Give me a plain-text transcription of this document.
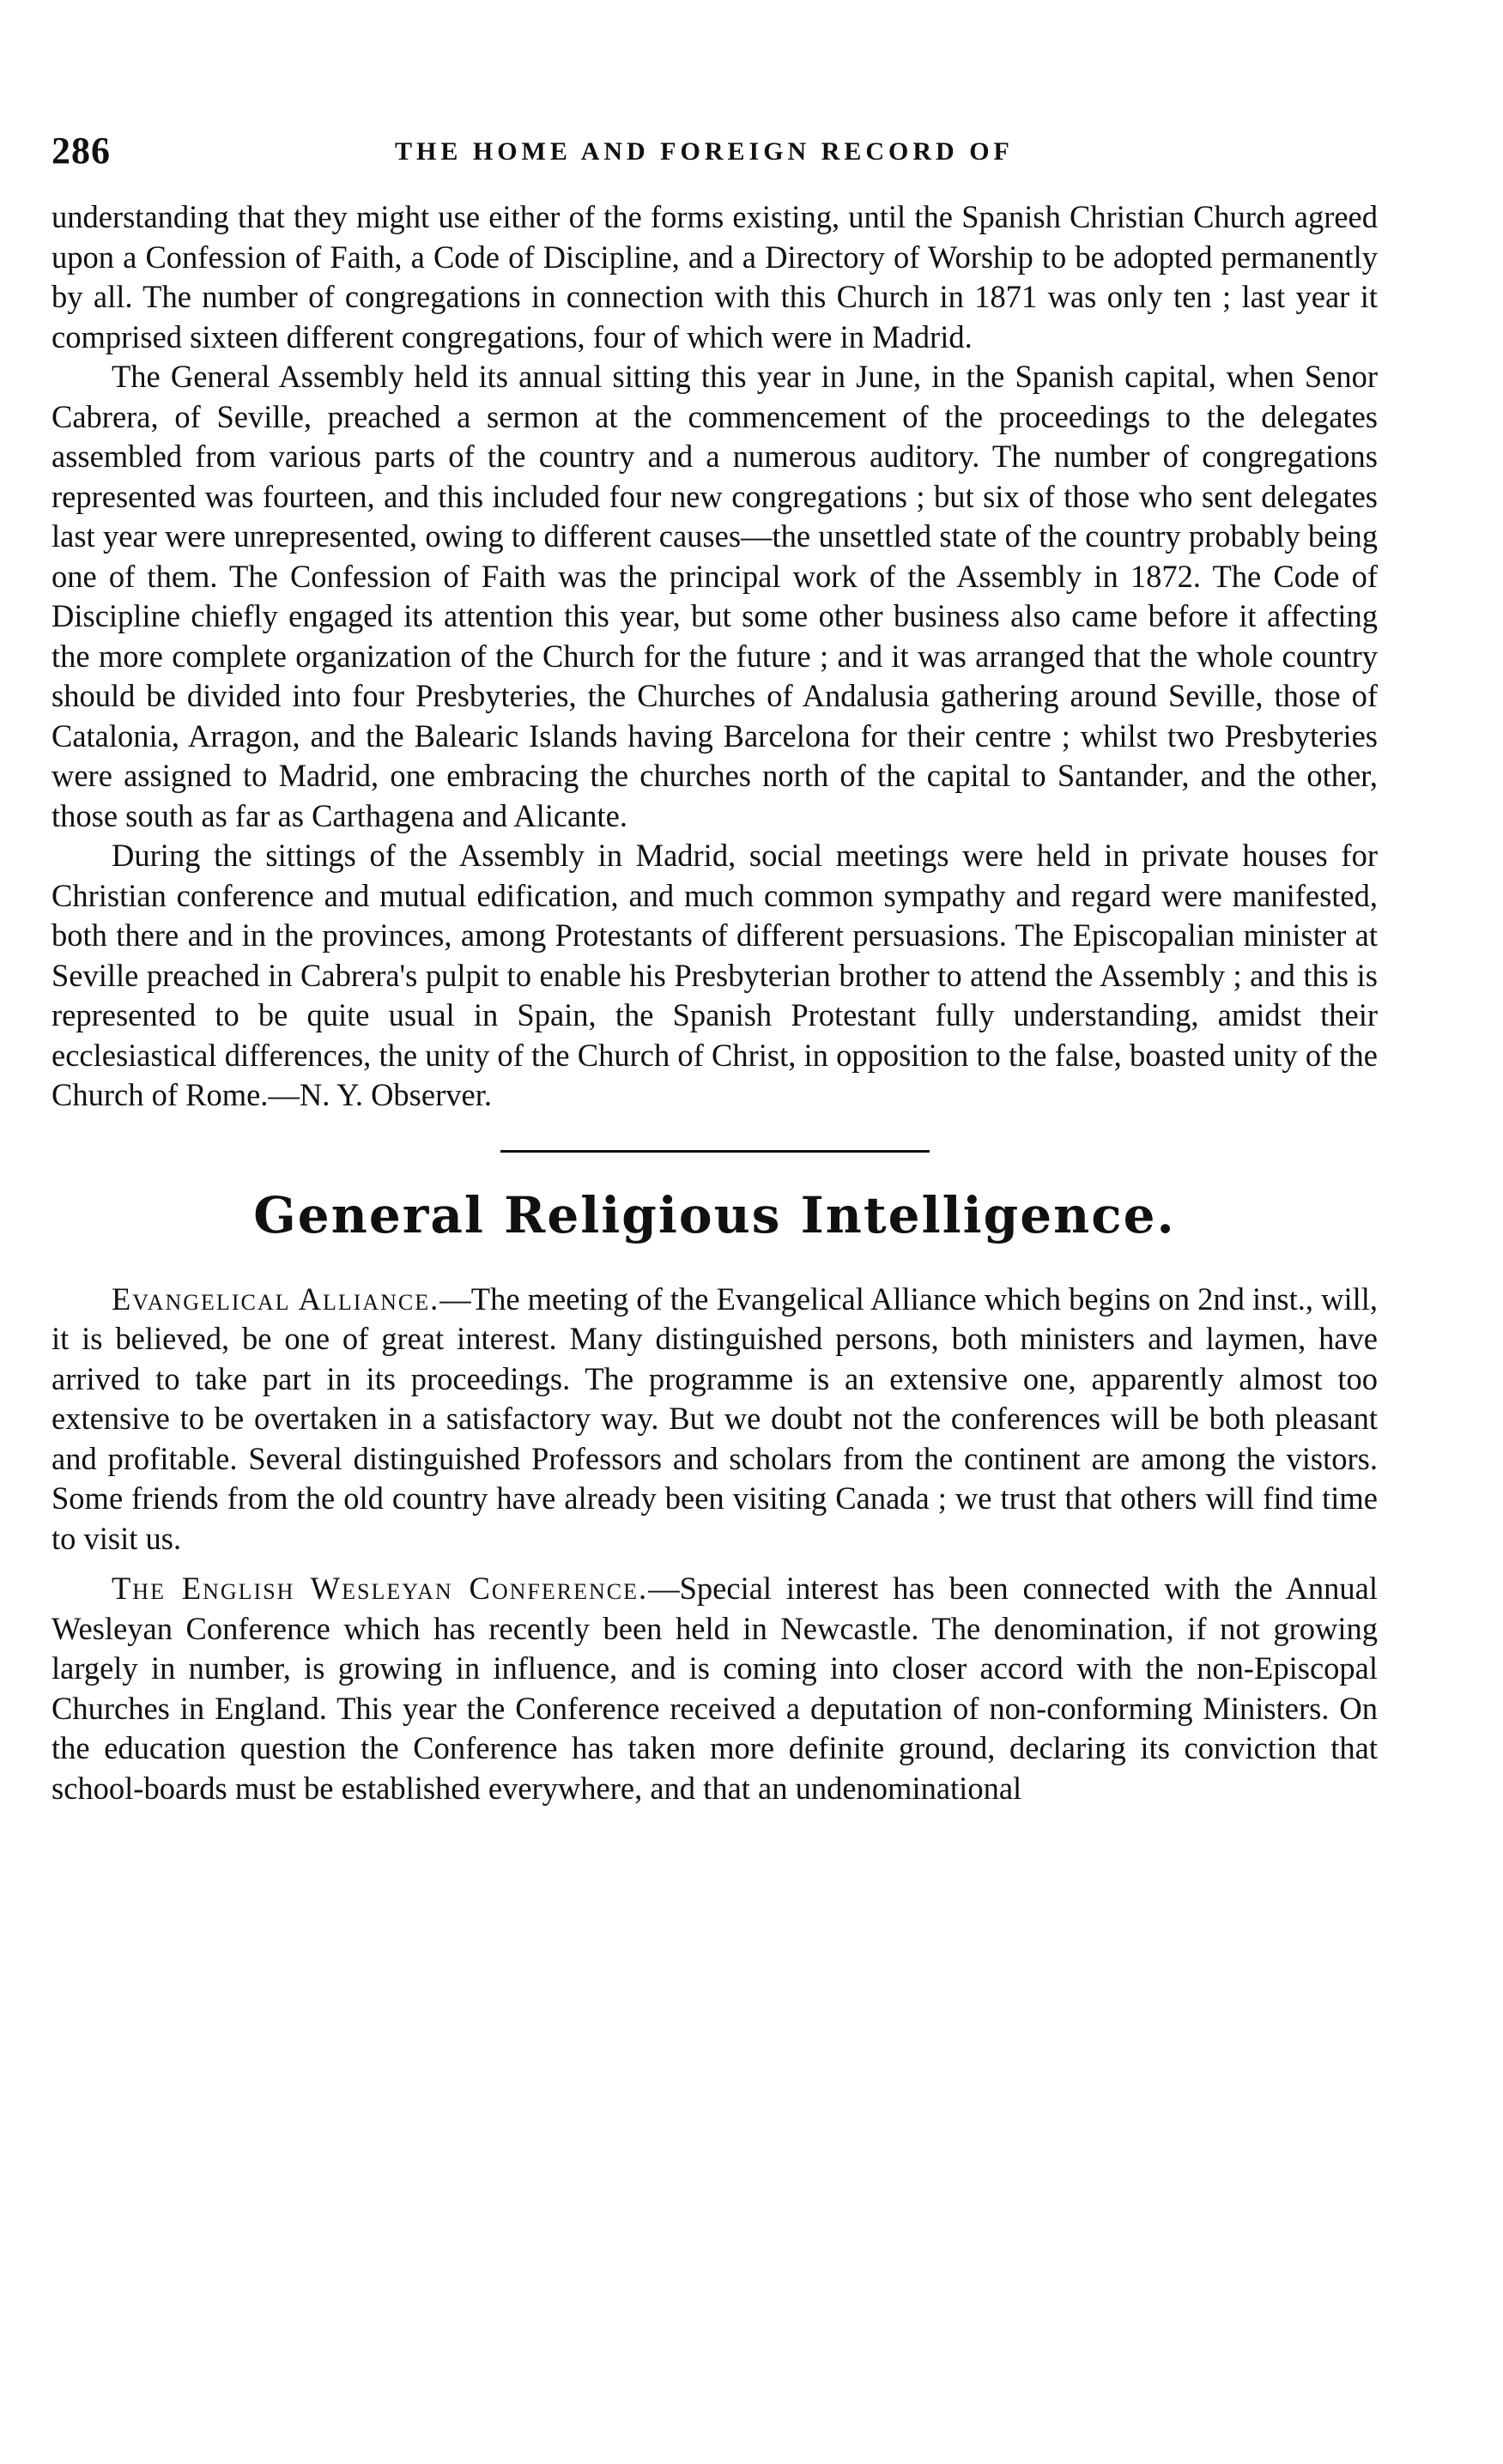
286	THE HOME AND FOREIGN RECORD OF

understanding that they might use either of the forms existing, until the Spanish Christian Church agreed upon a Confession of Faith, a Code of Discipline, and a Directory of Worship to be adopted permanently by all. The number of congregations in connection with this Church in 1871 was only ten ; last year it comprised sixteen different congregations, four of which were in Madrid.

The General Assembly held its annual sitting this year in June, in the Spanish capital, when Senor Cabrera, of Seville, preached a sermon at the commencement of the proceedings to the delegates assembled from various parts of the country and a numerous auditory. The number of congregations represented was fourteen, and this included four new congregations ; but six of those who sent delegates last year were unrepresented, owing to different causes—the unsettled state of the country probably being one of them. The Confession of Faith was the principal work of the Assembly in 1872. The Code of Discipline chiefly engaged its attention this year, but some other business also came before it affecting the more complete organization of the Church for the future ; and it was arranged that the whole country should be divided into four Presbyteries, the Churches of Andalusia gathering around Seville, those of Catalonia, Arragon, and the Balearic Islands having Barcelona for their centre ; whilst two Presbyteries were assigned to Madrid, one embracing the churches north of the capital to Santander, and the other, those south as far as Carthagena and Alicante.

During the sittings of the Assembly in Madrid, social meetings were held in private houses for Christian conference and mutual edification, and much common sympathy and regard were manifested, both there and in the provinces, among Protestants of different persuasions. The Episcopalian minister at Seville preached in Cabrera's pulpit to enable his Presbyterian brother to attend the Assembly ; and this is represented to be quite usual in Spain, the Spanish Protestant fully understanding, amidst their ecclesiastical differences, the unity of the Church of Christ, in opposition to the false, boasted unity of the Church of Rome.—N. Y. Observer.

General Religious Intelligence.

Evangelical Alliance.—The meeting of the Evangelical Alliance which begins on 2nd inst., will, it is believed, be one of great interest. Many distinguished persons, both ministers and laymen, have arrived to take part in its proceedings. The programme is an extensive one, apparently almost too extensive to be overtaken in a satisfactory way. But we doubt not the conferences will be both pleasant and profitable. Several distinguished Professors and scholars from the continent are among the vistors. Some friends from the old country have already been visiting Canada ; we trust that others will find time to visit us.

The English Wesleyan Conference.—Special interest has been connected with the Annual Wesleyan Conference which has recently been held in Newcastle. The denomination, if not growing largely in number, is growing in influence, and is coming into closer accord with the non-Episcopal Churches in England. This year the Conference received a deputation of non-conforming Ministers. On the education question the Conference has taken more definite ground, declaring its conviction that school-boards must be established everywhere, and that an undenominational
